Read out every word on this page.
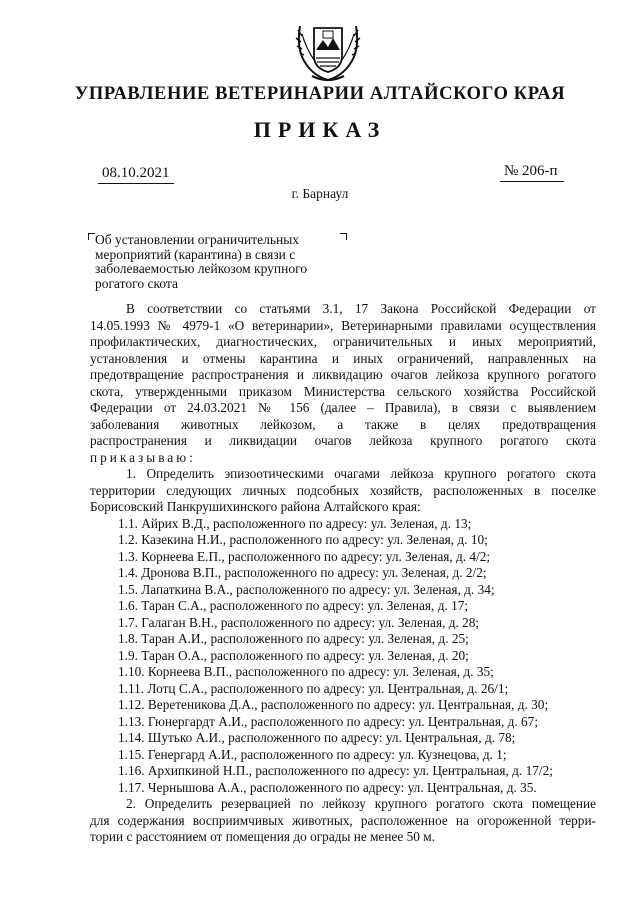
УПРАВЛЕНИЕ ВЕТЕРИНАРИИ АЛТАЙСКОГО КРАЯ
ПРИКАЗ
08.10.2021	№ 206-п
г. Барнаул
Об установлении ограничительных мероприятий (карантина) в связи с заболеваемостью лейкозом крупного рогатого скота

В соответствии со статьями 3.1, 17 Закона Российской Федерации от

14.05.1993 № 4979-1 «О ветеринарии», Ветеринарными правилами осуществления

профилактических, диагностических, ограничительных и иных мероприятий,

установления и отмены карантина и иных ограничений, направленных на

предотвращение распространения и ликвидацию очагов лейкоза крупного рогатого

скота, утвержденными приказом Министерства сельского хозяйства Российской

Федерации от 24.03.2021 № 156 (далее – Правила), в связи с выявлением

заболевания животных лейкозом, а также в целях предотвращения

распространения и ликвидации очагов лейкоза крупного рогатого скота

приказываю:

1. Определить эпизоотическими очагами лейкоза крупного рогатого скота

территории следующих личных подсобных хозяйств, расположенных в поселке

Борисовский Панкрушихинского района Алтайского края:

1.1. Айрих В.Д., расположенного по адресу: ул. Зеленая, д. 13;

1.2. Казекина Н.И., расположенного по адресу: ул. Зеленая, д. 10;

1.3. Корнеева Е.П., расположенного по адресу: ул. Зеленая, д. 4/2;

1.4. Дронова В.П., расположенного по адресу: ул. Зеленая, д. 2/2;

1.5. Лапаткина В.А., расположенного по адресу: ул. Зеленая, д. 34;

1.6. Таран С.А., расположенного по адресу: ул. Зеленая, д. 17;

1.7. Галаган В.Н., расположенного по адресу: ул. Зеленая, д. 28;

1.8. Таран А.И., расположенного по адресу: ул. Зеленая, д. 25;

1.9. Таран О.А., расположенного по адресу: ул. Зеленая, д. 20;

1.10. Корнеева В.П., расположенного по адресу: ул. Зеленая, д. 35;

1.11. Лотц С.А., расположенного по адресу: ул. Центральная, д. 26/1;

1.12. Веретеникова Д.А., расположенного по адресу: ул. Центральная, д. 30;

1.13. Гюнергардт А.И., расположенного по адресу: ул. Центральная, д. 67;

1.14. Шутько А.И., расположенного по адресу: ул. Центральная, д. 78;

1.15. Генергард А.И., расположенного по адресу: ул. Кузнецова, д. 1;

1.16. Архипкиной Н.П., расположенного по адресу: ул. Центральная, д. 17/2;

1.17. Чернышова А.А., расположенного по адресу: ул. Центральная, д. 35.

2. Определить резервацией по лейкозу крупного рогатого скота помещение

для содержания восприимчивых животных, расположенное на огороженной терри-

тории с расстоянием от помещения до ограды не менее 50 м.
